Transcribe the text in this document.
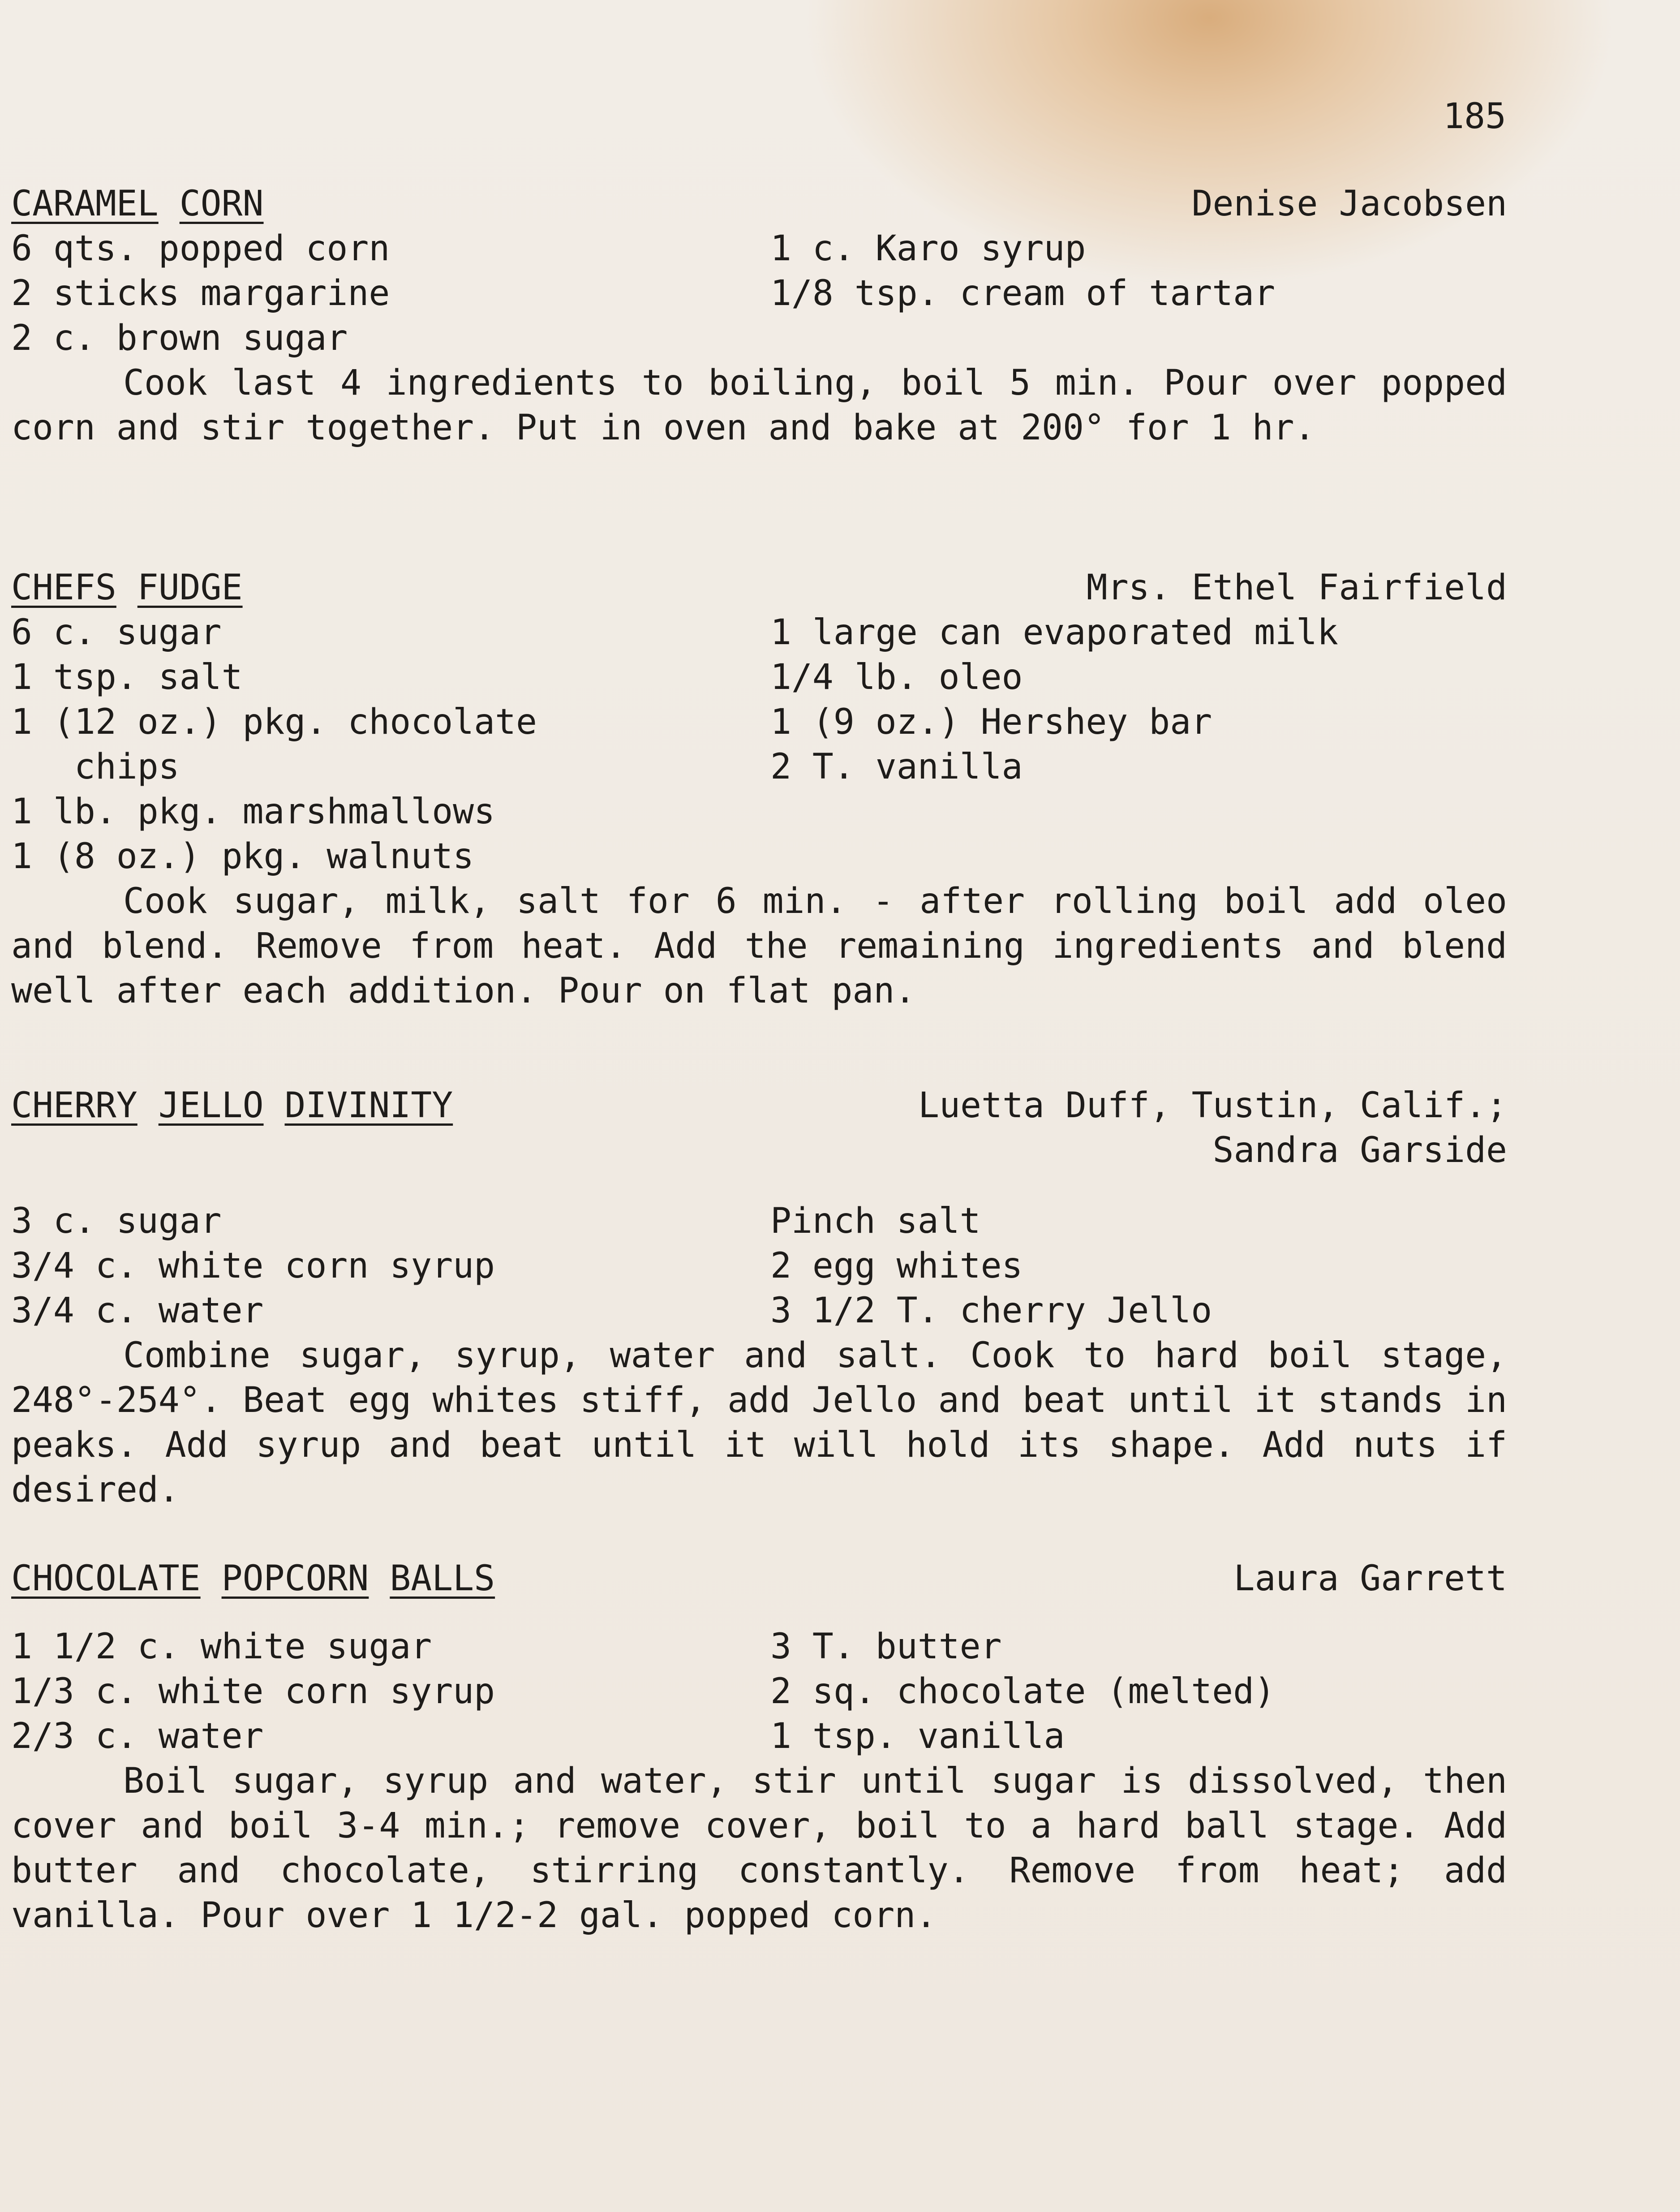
185
CARAMEL CORN	Denise Jacobsen
6 qts. popped corn	1 c. Karo syrup
2 sticks margarine	1/8 tsp. cream of tartar
2 c. brown sugar

Cook last 4 ingredients to boiling, boil 5 min. Pour over popped corn and stir together. Put in oven and bake at 200° for 1 hr.

CHEFS FUDGE	Mrs. Ethel Fairfield
6 c. sugar	1 large can evaporated milk
1 tsp. salt	1/4 lb. oleo
1 (12 oz.) pkg. chocolate	1 (9 oz.) Hershey bar
chips	2 T. vanilla
1 lb. pkg. marshmallows
1 (8 oz.) pkg. walnuts

Cook sugar, milk, salt for 6 min. - after rolling boil add oleo and blend. Remove from heat. Add the remaining ingredients and blend well after each addition. Pour on flat pan.

CHERRY JELLO DIVINITY	Luetta Duff, Tustin, Calif.;
Sandra Garside
3 c. sugar	Pinch salt
3/4 c. white corn syrup	2 egg whites
3/4 c. water	3 1/2 T. cherry Jello

Combine sugar, syrup, water and salt. Cook to hard boil stage, 248°-254°. Beat egg whites stiff, add Jello and beat until it stands in peaks. Add syrup and beat until it will hold its shape. Add nuts if desired.

CHOCOLATE POPCORN BALLS	Laura Garrett
1 1/2 c. white sugar	3 T. butter
1/3 c. white corn syrup	2 sq. chocolate (melted)
2/3 c. water	1 tsp. vanilla

Boil sugar, syrup and water, stir until sugar is dissolved, then cover and boil 3-4 min.; remove cover, boil to a hard ball stage. Add butter and chocolate, stirring constantly. Remove from heat; add vanilla. Pour over 1 1/2-2 gal. popped corn.
